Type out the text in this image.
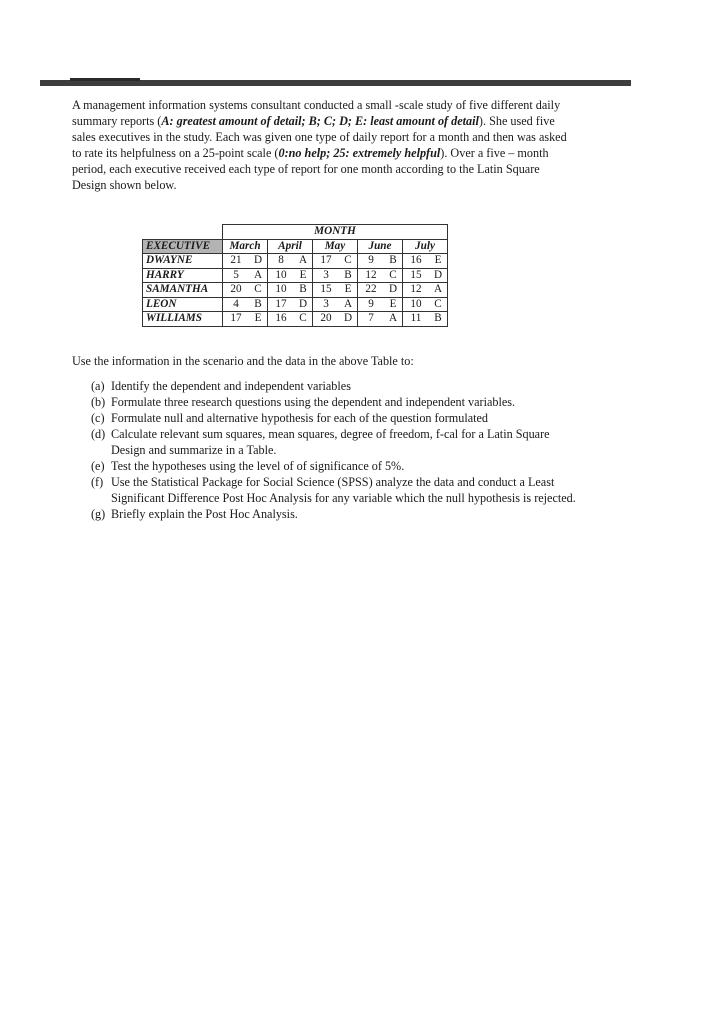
A management information systems consultant conducted a small -scale study of five different daily summary reports (A: greatest amount of detail; B; C; D; E: least amount of detail). She used five sales executives in the study. Each was given one type of daily report for a month and then was asked to rate its helpfulness on a 25-point scale (0:no help; 25: extremely helpful). Over a five – month period, each executive received each type of report for one month according to the Latin Square Design shown below.

	MONTH									
EXECUTIVE	March		April		May		June		July	
DWAYNE	21	D	8	A	17	C	9	B	16	E
HARRY	5	A	10	E	3	B	12	C	15	D
SAMANTHA	20	C	10	B	15	E	22	D	12	A
LEON	4	B	17	D	3	A	9	E	10	C
WILLIAMS	17	E	16	C	20	D	7	A	11	B

Use the information in the scenario and the data in the above Table to:

(a) Identify the dependent and independent variables
(b) Formulate three research questions using the dependent and independent variables.
(c) Formulate null and alternative hypothesis for each of the question formulated
(d) Calculate relevant sum squares, mean squares, degree of freedom, f-cal for a Latin Square Design and summarize in a Table.
(e) Test the hypotheses using the level of of significance of 5%.
(f) Use the Statistical Package for Social Science (SPSS) analyze the data and conduct a Least Significant Difference Post Hoc Analysis for any variable which the null hypothesis is rejected.
(g) Briefly explain the Post Hoc Analysis.
